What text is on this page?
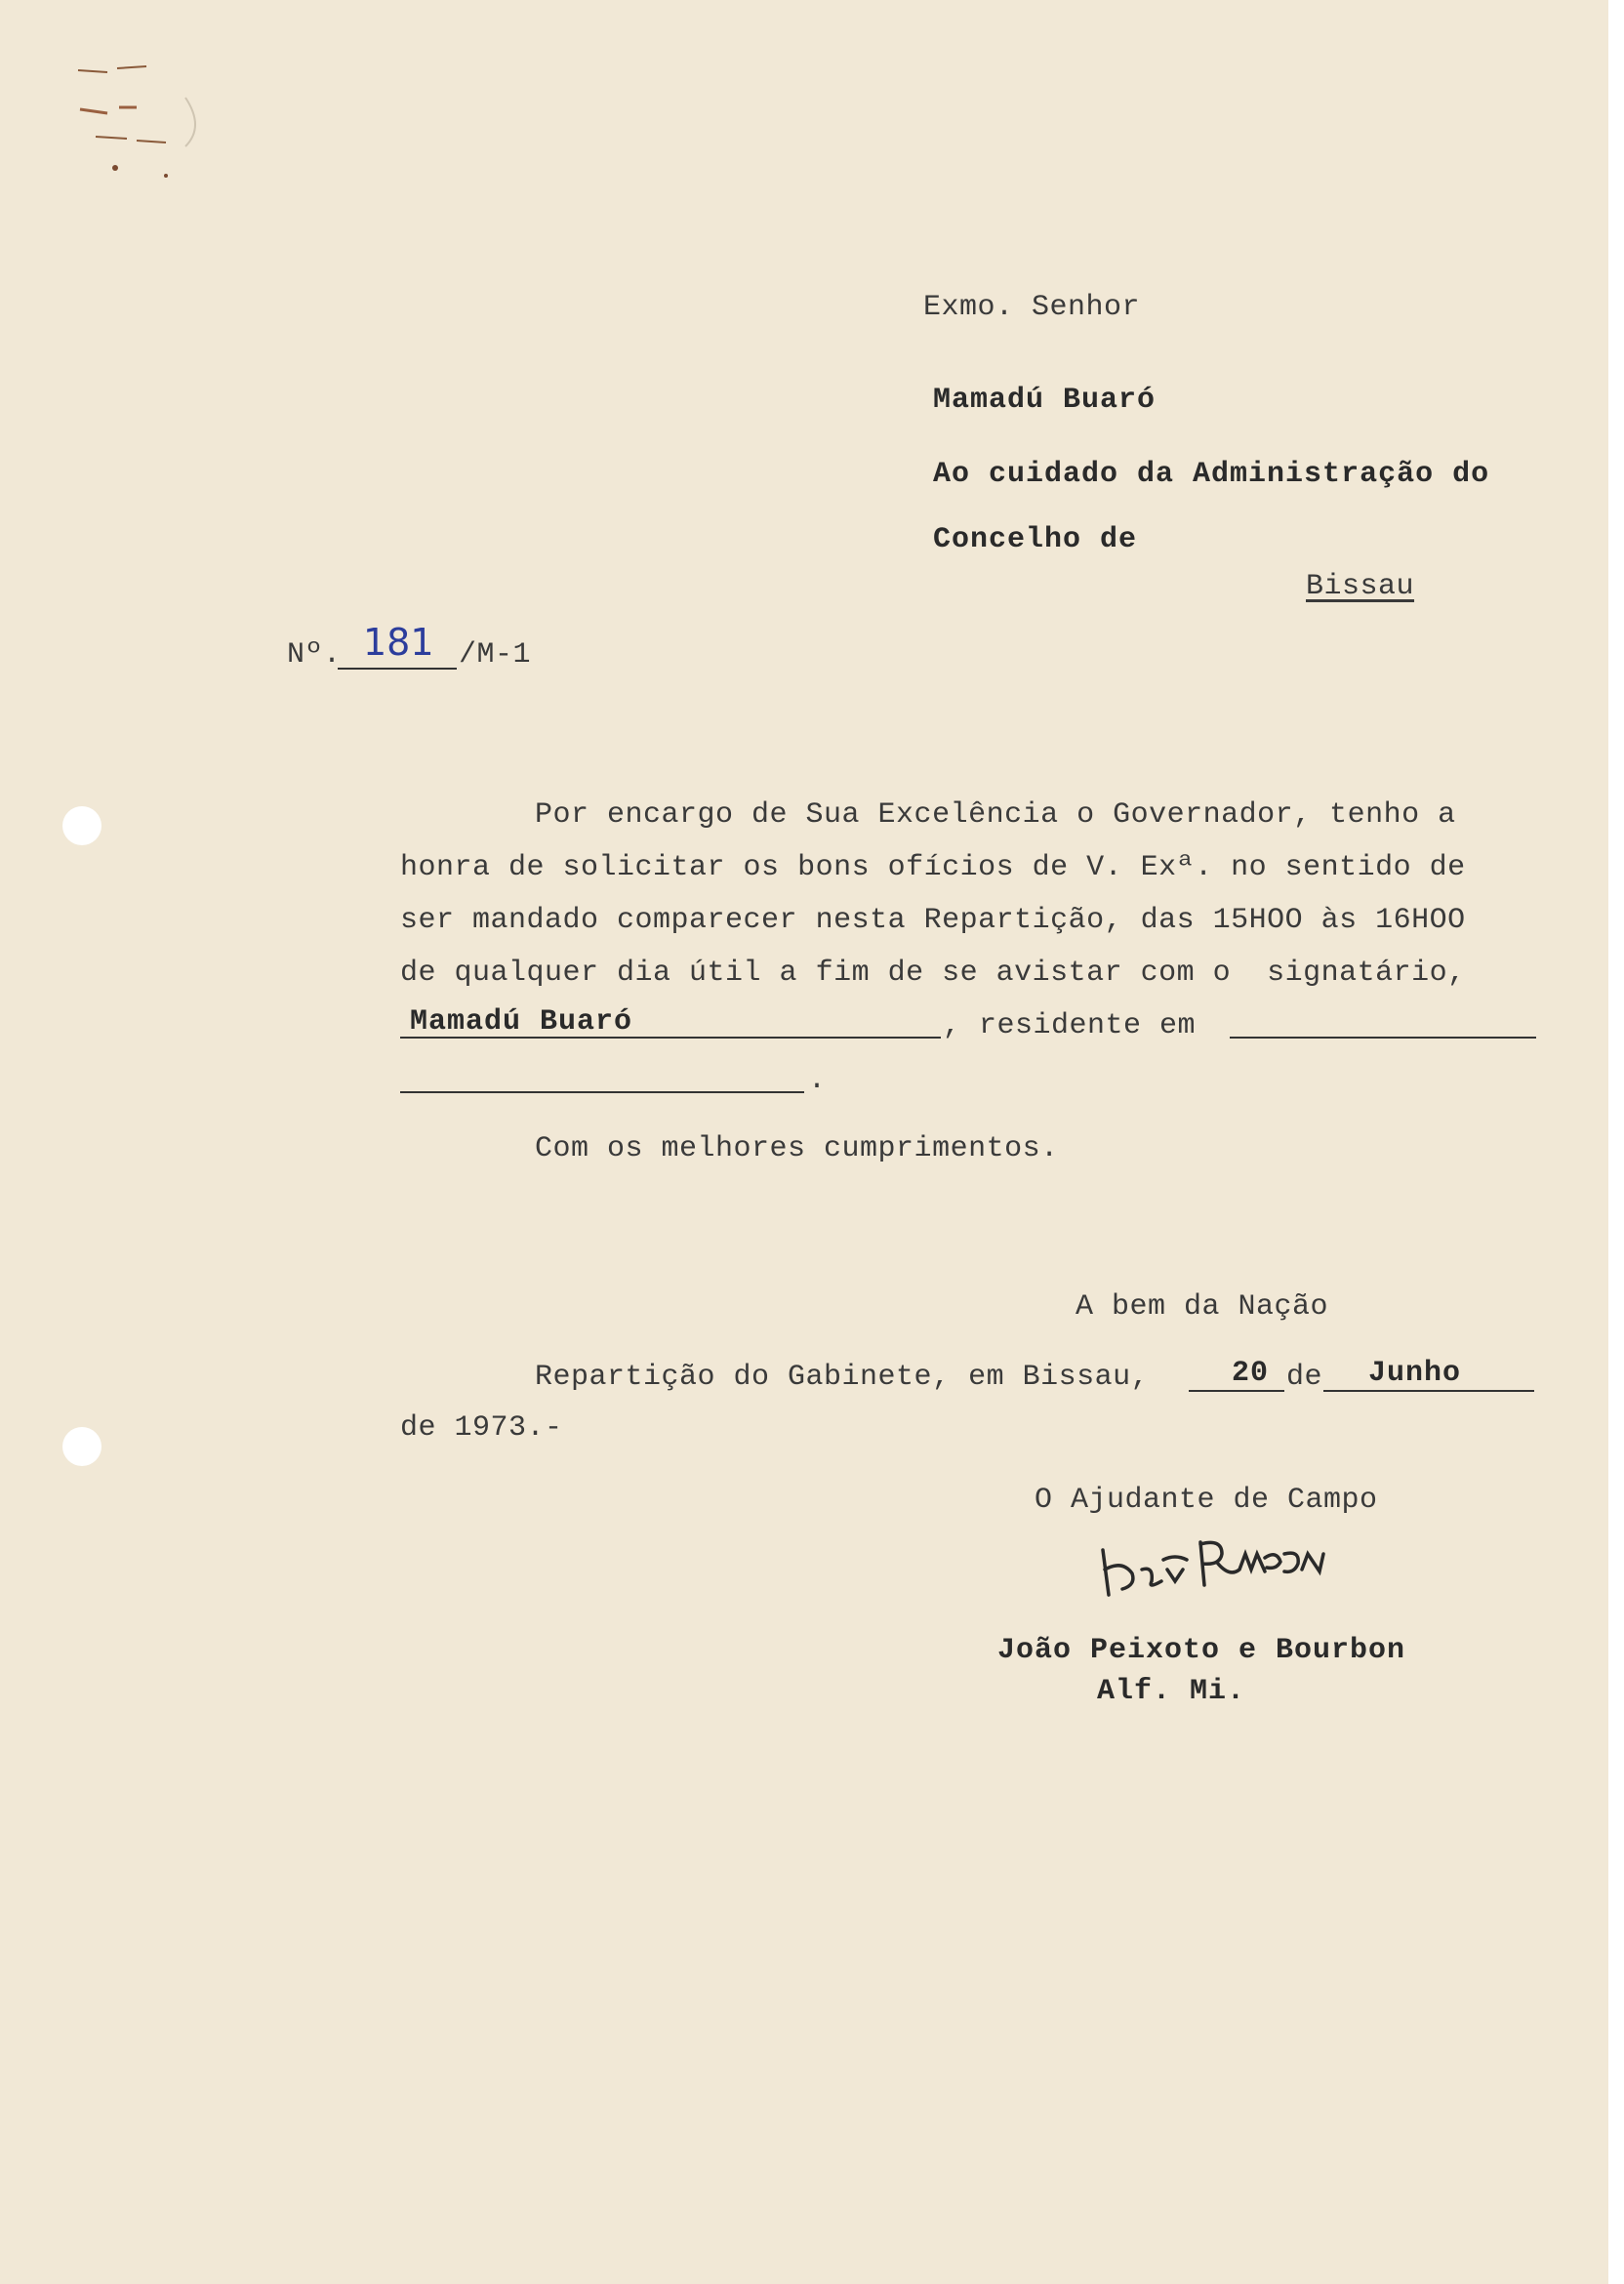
Exmo. Senhor
Mamadú Buaró
Ao cuidado da Administração do
Concelho de
Bissau
Nº. 181 /M-1
Por encargo de Sua Excelência o Governador, tenho a
honra de solicitar os bons ofícios de V. Exª. no sentido de
ser mandado comparecer nesta Repartição, das 15HOO às 16HOO
de qualquer dia útil a fim de se avistar com o  signatário,
Mamadú Buaró	, residente em
.
Com os melhores cumprimentos.
A bem da Nação
Repartição do Gabinete, em Bissau,	20 de Junho
de 1973.-
O Ajudante de Campo
João Peixoto e Bourbon
Alf. Mi.
